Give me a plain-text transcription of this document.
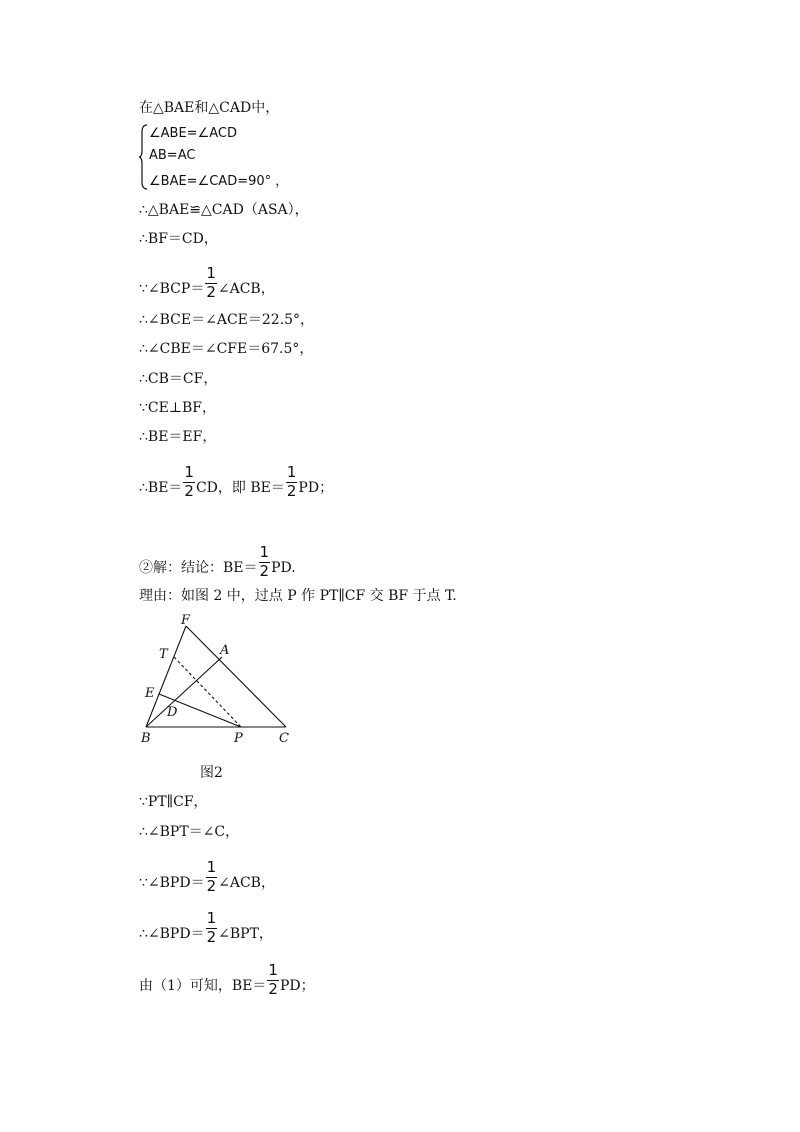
在△BAE和△CAD中，
∠ABE=∠ACD
AB=AC
∠BAE=∠CAD=90° ，
∴△BAE≌△CAD（ASA），
∴BF＝CD，
∵∠BCP＝ $\frac{1}{2}$ ∠ACB，
∴∠BCE＝∠ACE＝22.5°，
∴∠CBE＝∠CFE＝67.5°，
∴CB＝CF，
∵CE⊥BF，
∴BE＝EF，
∴BE＝ $\frac{1}{2}$ CD，即 $BE= \frac{1}{2}$ PD；
②解：结论：$BE= \frac{1}{2}$ PD.
理由：如图 2 中，过点 P 作 PT∥CF 交 BF 于点 T.
F
T	A
E
D
B	P	C
图2
∵PT∥CF，
∴∠BPT＝∠C，
∵∠BPD＝ $\frac{1}{2}$ ∠ACB，
∴∠BPD＝ $\frac{1}{2}$ ∠BPT，
由（1）可知，$BE= \frac{1}{2}$ PD；
